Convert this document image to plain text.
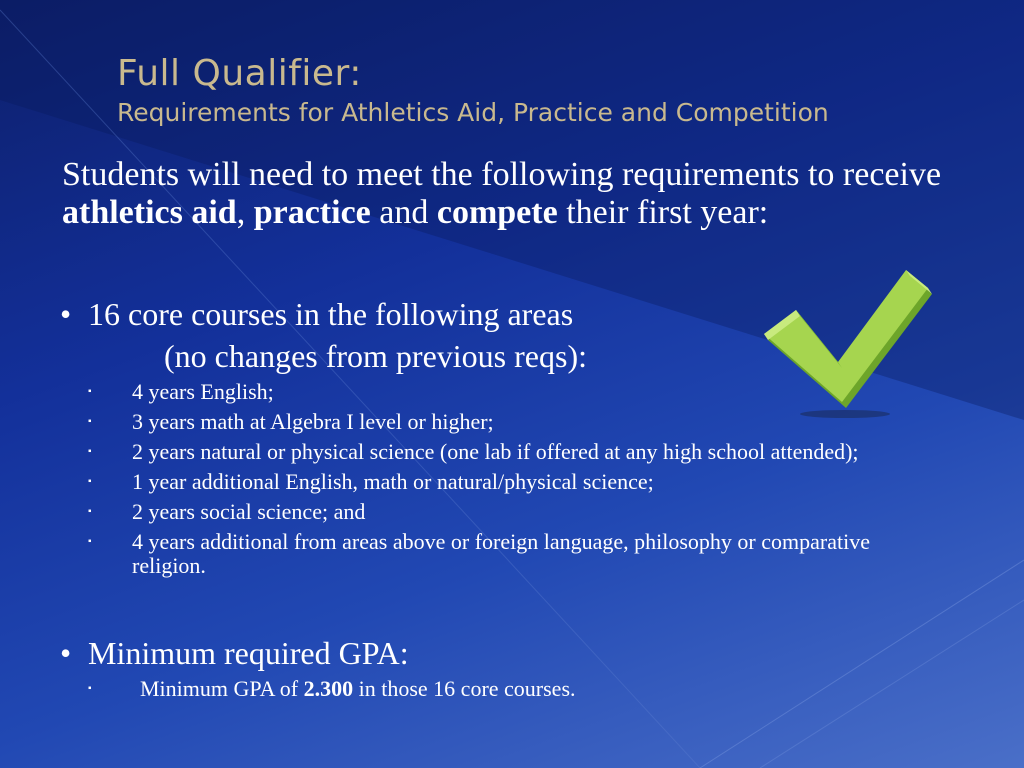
Full Qualifier:
Requirements for Athletics Aid, Practice and Competition
Students will need to meet the following requirements to receive athletics aid, practice and compete their first year:
• 16 core courses in the following areas
(no changes from previous reqs):
▪	4 years English;
▪	3 years math at Algebra I level or higher;
▪	2 years natural or physical science (one lab if offered at any high school attended);
▪	1 year additional English, math or natural/physical science;
▪	2 years social science; and
▪	4 years additional from areas above or foreign language, philosophy or comparative religion.
• Minimum required GPA:
▪	Minimum GPA of 2.300 in those 16 core courses.
